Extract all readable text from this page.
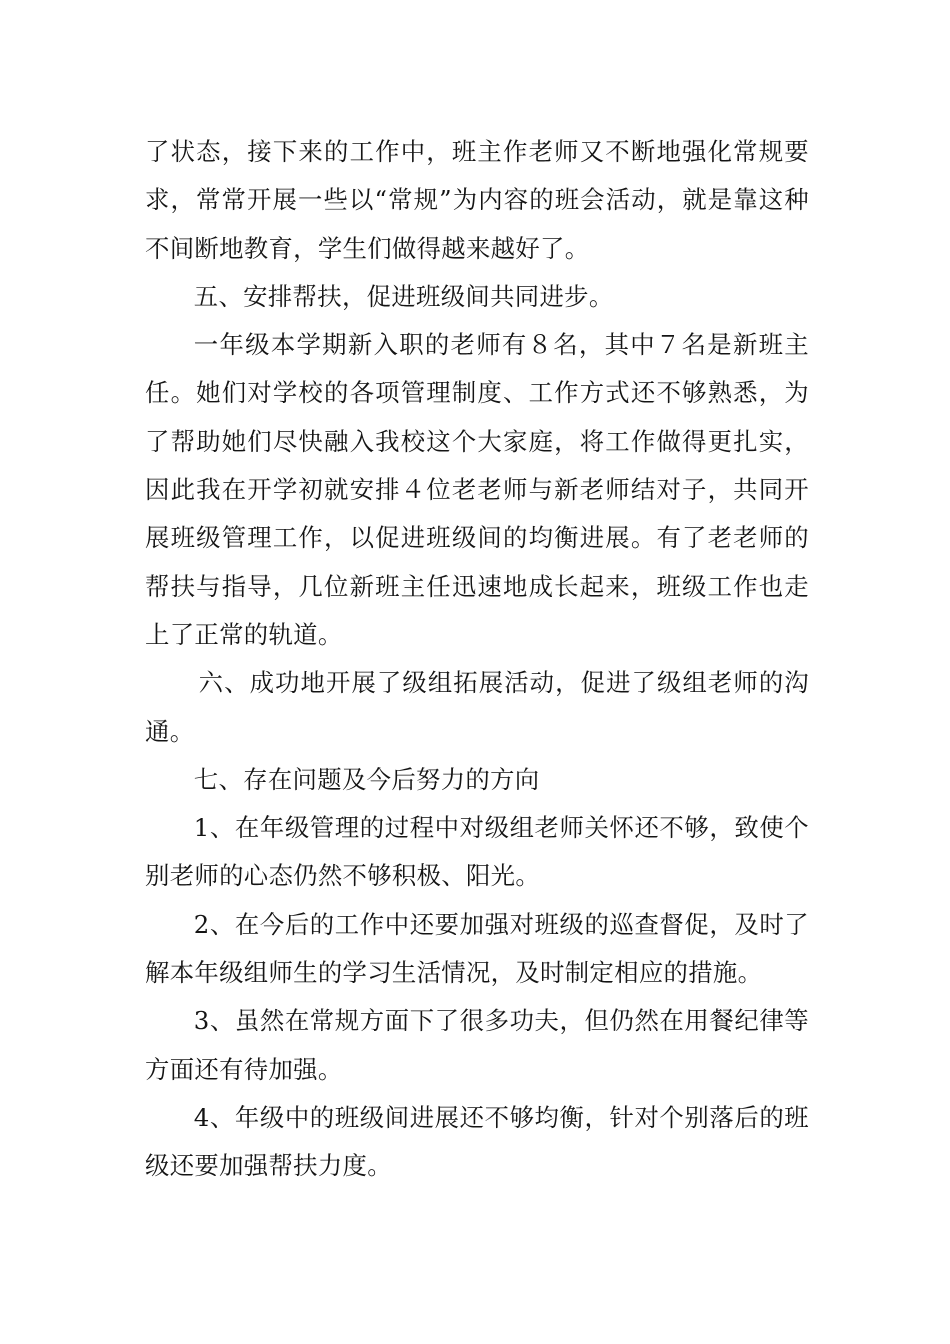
了状态，接下来的工作中，班主作老师又不断地强化常规要求，常常开展一些以“常规”为内容的班会活动，就是靠这种不间断地教育，学生们做得越来越好了。

五、安排帮扶，促进班级间共同进步。

一年级本学期新入职的老师有８名，其中７名是新班主任。她们对学校的各项管理制度、工作方式还不够熟悉，为了帮助她们尽快融入我校这个大家庭，将工作做得更扎实，因此我在开学初就安排４位老老师与新老师结对子，共同开展班级管理工作，以促进班级间的均衡进展。有了老老师的帮扶与指导，几位新班主任迅速地成长起来，班级工作也走上了正常的轨道。

六、成功地开展了级组拓展活动，促进了级组老师的沟通。

七、存在问题及今后努力的方向

1、在年级管理的过程中对级组老师关怀还不够，致使个别老师的心态仍然不够积极、阳光。

2、在今后的工作中还要加强对班级的巡查督促，及时了解本年级组师生的学习生活情况，及时制定相应的措施。

3、虽然在常规方面下了很多功夫，但仍然在用餐纪律等方面还有待加强。

4、年级中的班级间进展还不够均衡，针对个别落后的班级还要加强帮扶力度。
